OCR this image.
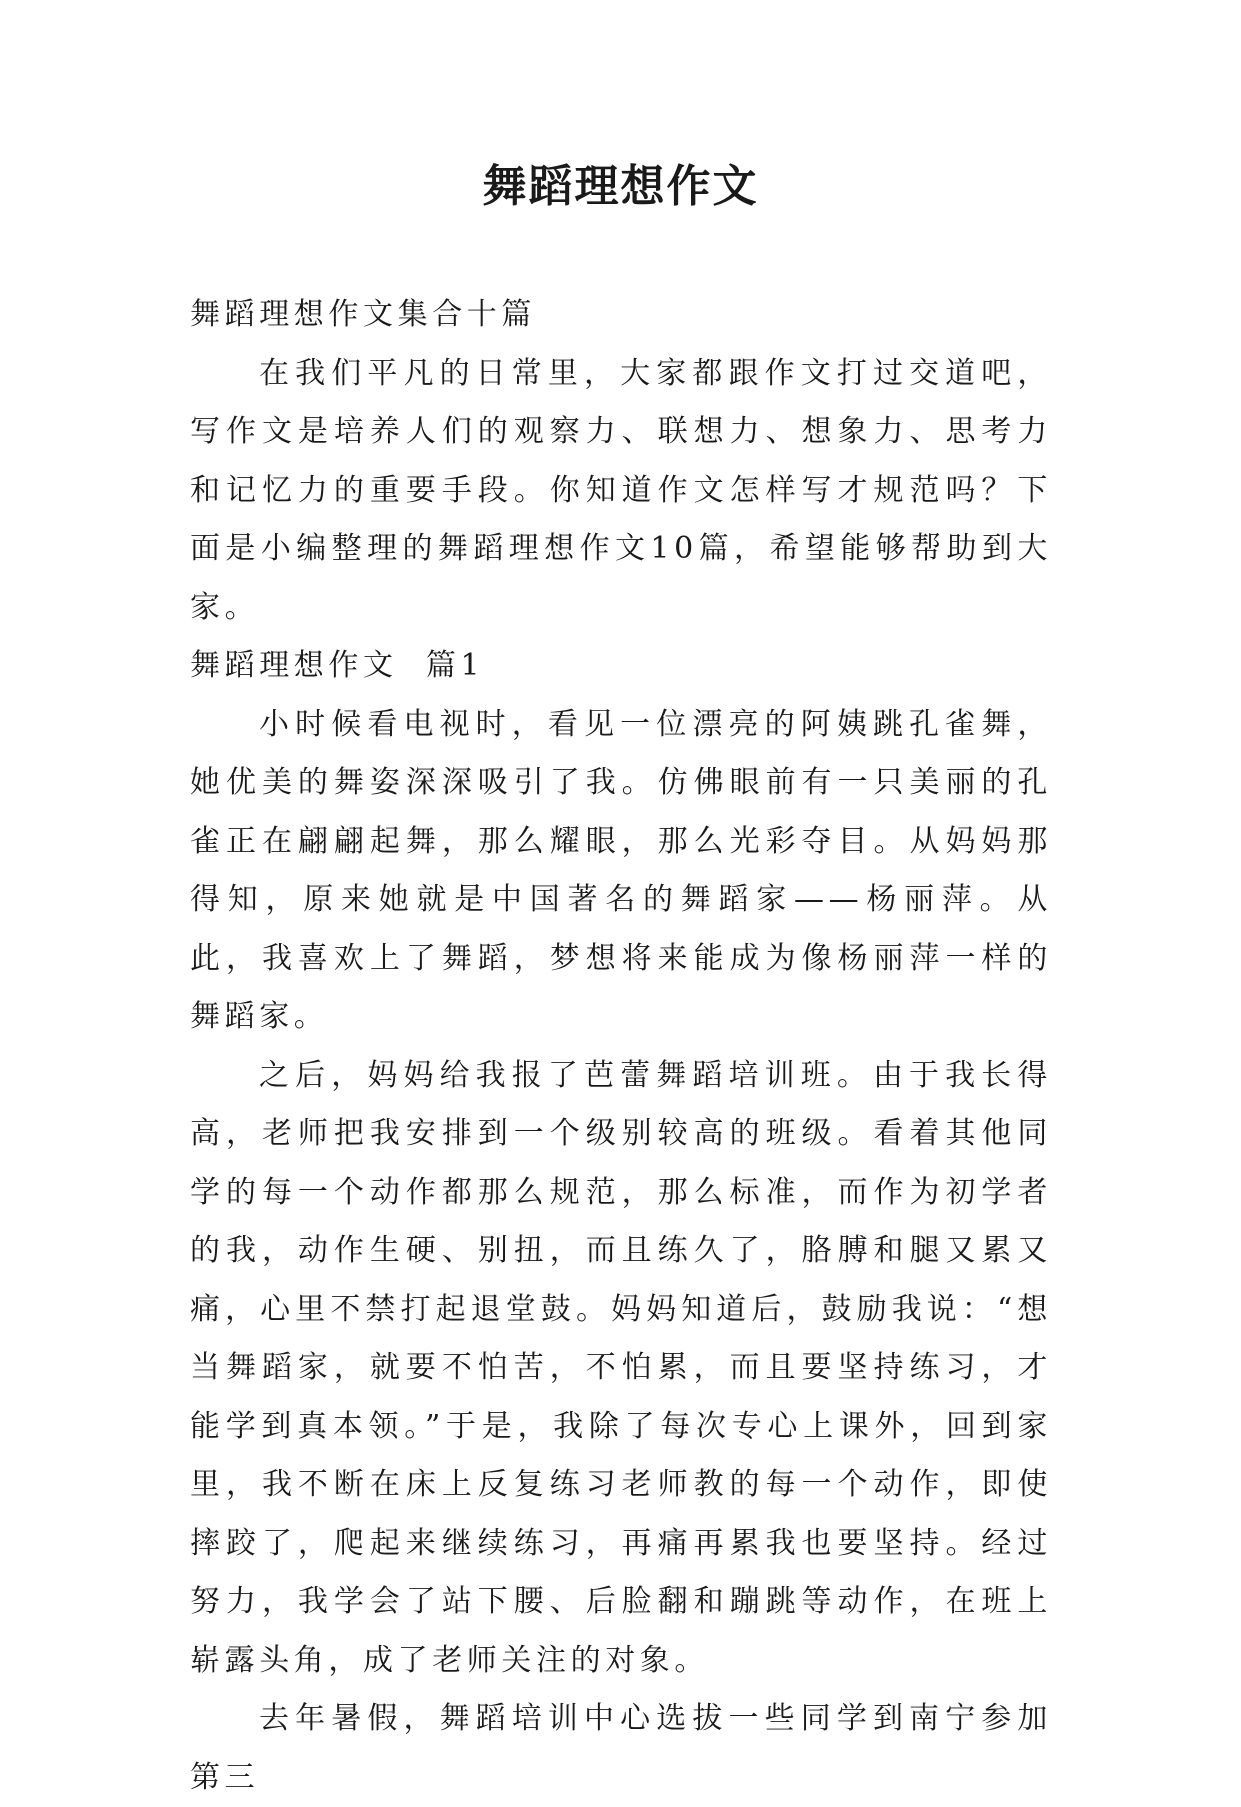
舞蹈理想作文

舞蹈理想作文集合十篇

在我们平凡的日常里，大家都跟作文打过交道吧，写作文是培养人们的观察力、联想力、想象力、思考力和记忆力的重要手段。你知道作文怎样写才规范吗？下面是小编整理的舞蹈理想作文10篇，希望能够帮助到大家。

舞蹈理想作文  篇1

小时候看电视时，看见一位漂亮的阿姨跳孔雀舞，她优美的舞姿深深吸引了我。仿佛眼前有一只美丽的孔雀正在翩翩起舞，那么耀眼，那么光彩夺目。从妈妈那得知，原来她就是中国著名的舞蹈家——杨丽萍。从此，我喜欢上了舞蹈，梦想将来能成为像杨丽萍一样的舞蹈家。

之后，妈妈给我报了芭蕾舞蹈培训班。由于我长得高，老师把我安排到一个级别较高的班级。看着其他同学的每一个动作都那么规范，那么标准，而作为初学者的我，动作生硬、别扭，而且练久了，胳膊和腿又累又痛，心里不禁打起退堂鼓。妈妈知道后，鼓励我说：“想当舞蹈家，就要不怕苦，不怕累，而且要坚持练习，才能学到真本领。”于是，我除了每次专心上课外，回到家里，我不断在床上反复练习老师教的每一个动作，即使摔跤了，爬起来继续练习，再痛再累我也要坚持。经过努力，我学会了站下腰、后脸翻和蹦跳等动作，在班上崭露头角，成了老师关注的对象。

去年暑假，舞蹈培训中心选拔一些同学到南宁参加第三
